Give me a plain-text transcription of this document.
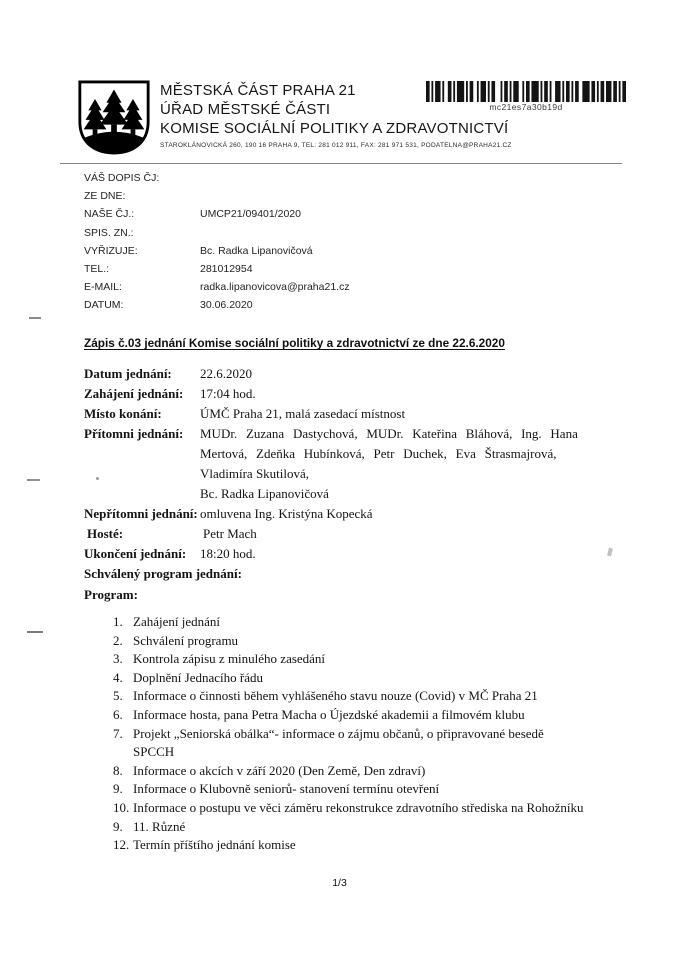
MĚSTSKÁ ČÁST PRAHA 21
ÚŘAD MĚSTSKÉ ČÁSTI
KOMISE SOCIÁLNÍ POLITIKY A ZDRAVOTNICTVÍ
STAROKLÁNOVICKÁ 260, 190 16 PRAHA 9, TEL: 281 012 911, FAX: 281 971 531, PODATELNA@PRAHA21.CZ
mc21es7a30b19d
VÁŠ DOPIS ČJ:
ZE DNE:
NAŠE ČJ.:	UMCP21/09401/2020
SPIS. ZN.:
VYŘIZUJE:	Bc. Radka Lipanovičová
TEL.:	281012954
E-MAIL:	radka.lipanovicova@praha21.cz
DATUM:	30.06.2020
Zápis č.03 jednání Komise sociální politiky a zdravotnictví ze dne 22.6.2020
Datum jednání:	22.6.2020
Zahájení jednání:	17:04 hod.
Místo konání:	ÚMČ Praha 21, malá zasedací místnost
Přítomni jednání:	MUDr. Zuzana Dastychová, MUDr. Kateřina Bláhová, Ing. Hana
Mertová, Zdeňka Hubínková, Petr Duchek, Eva Štrasmajrová,
Vladimíra Skutilová,
Bc. Radka Lipanovičová
Nepřítomni jednání: omluvena Ing. Kristýna Kopecká
Hosté:	Petr Mach
Ukončení jednání:	18:20 hod.
Schválený program jednání:
Program:
1. Zahájení jednání
2. Schválení programu
3. Kontrola zápisu z minulého zasedání
4. Doplnění Jednacího řádu
5. Informace o činnosti během vyhlášeného stavu nouze (Covid) v MČ Praha 21
6. Informace hosta, pana Petra Macha o Újezdské akademii a filmovém klubu
7. Projekt „Seniorská obálka“- informace o zájmu občanů, o připravované besedě
SPCCH
8. Informace o akcích v září 2020 (Den Země, Den zdraví)
9. Informace o Klubovně seniorů- stanovení termínu otevření
10. Informace o postupu ve věci záměru rekonstrukce zdravotního střediska na Rohožníku
9. 11. Různé
12. Termín příštího jednání komise
1/3
